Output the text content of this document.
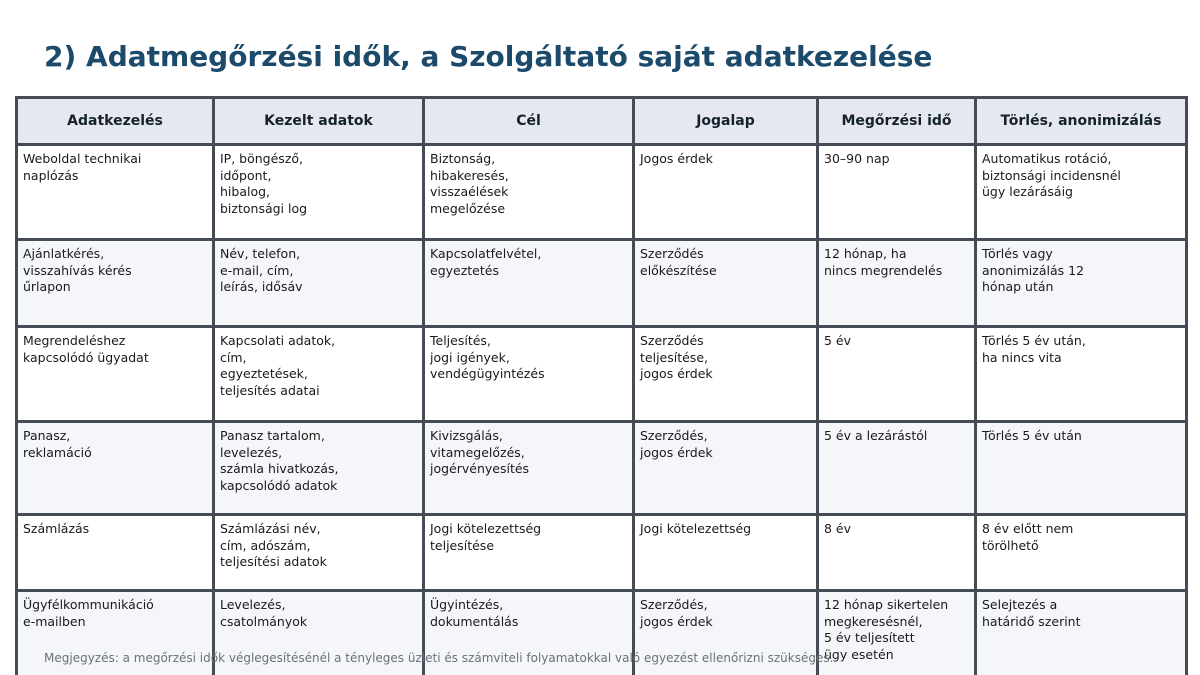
2) Adatmegőrzési idők, a Szolgáltató saját adatkezelése
Adatkezelés	Kezelt adatok	Cél	Jogalap	Megőrzési idő	Törlés, anonimizálás
Weboldal technikai
naplózás	IP, böngésző,
időpont,
hibalog,
biztonsági log	Biztonság,
hibakeresés,
visszaélések
megelőzése	Jogos érdek	30–90 nap	Automatikus rotáció,
biztonsági incidensnél
ügy lezárásáig
Ajánlatkérés,
visszahívás kérés
űrlapon	Név, telefon,
e-mail, cím,
leírás, idősáv	Kapcsolatfelvétel,
egyeztetés	Szerződés
előkészítése	12 hónap, ha
nincs megrendelés	Törlés vagy
anonimizálás 12
hónap után
Megrendeléshez
kapcsolódó ügyadat	Kapcsolati adatok,
cím,
egyeztetések,
teljesítés adatai	Teljesítés,
jogi igények,
vendégügyintézés	Szerződés
teljesítése,
jogos érdek	5 év	Törlés 5 év után,
ha nincs vita
Panasz,
reklamáció	Panasz tartalom,
levelezés,
számla hivatkozás,
kapcsolódó adatok	Kivizsgálás,
vitamegelőzés,
jogérvényesítés	Szerződés,
jogos érdek	5 év a lezárástól	Törlés 5 év után
Számlázás	Számlázási név,
cím, adószám,
teljesítési adatok	Jogi kötelezettség
teljesítése	Jogi kötelezettség	8 év	8 év előtt nem
törölhető
Ügyfélkommunikáció
e-mailben	Levelezés,
csatolmányok	Ügyintézés,
dokumentálás	Szerződés,
jogos érdek	12 hónap sikertelen
megkeresésnél,
5 év teljesített
ügy esetén	Selejtezés a
határidő szerint

Megjegyzés: a megőrzési idők véglegesítésénél a tényleges üzleti és számviteli folyamatokkal való egyezést ellenőrizni szükséges.
